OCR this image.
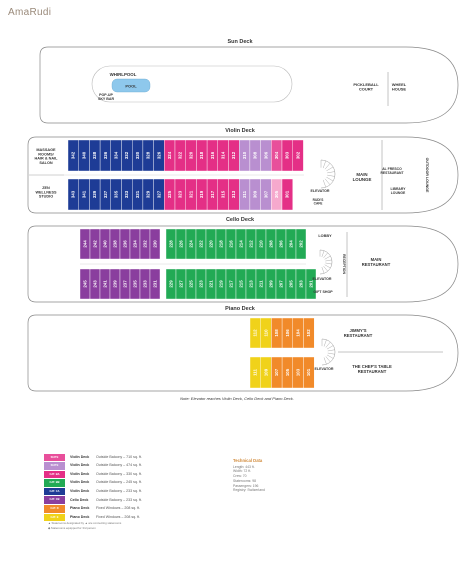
AmaRudi
Sun Deck
POOL
WHIRLPOOL
POP-UP
SKY BAR
PICKLEBALL
COURT
WHEEL
HOUSE
Violin Deck
MASSAGE
ROOMS/
HAIR & NAIL
SALON
ZEN
WELLNESS
STUDIO
342 340 338 336 334 332 330 328 326 324 322 320 318 316 314 312 310 308 306 304 303 302
343 341 339 337 335 333 331 329 327 325 323 321 319 317 315 313 311 309 307 305 301	ELEVATOR
RUDI'S
CAFE
MAIN
LOUNGE
AL FRESCO
RESTAURANT
LIBRARY
LOUNGE
OUTDOOR LOUNGE
Cello Deck
244 242 240 238 236 234 232 230	228 226 224 222 220 218 216 214 212 210 208 206 204 202
245 243 241 239 237 235 233 231	229 227 225 223 221 219 217 215 213 211 209 207 205 203 201
LOBBY
ELEVATOR
GIFT SHOP
RECEPTION	MAIN
RESTAURANT
Piano Deck
112 110 108 106 104 102
111 109 107 105 103 101 ELEVATOR
JIMMY'S
RESTAURANT
THE CHEF'S TABLE
RESTAURANT
Note: Elevator reaches Violin Deck, Cello Deck and Piano Deck.
SUITE	Violin Deck Outside Balcony – 710 sq. ft.
SUITE	Violin Deck Outside Balcony – 474 sq. ft.
CAT. BA	Violin Deck Outside Balcony – 330 sq. ft.
CAT. BB	Violin Deck Outside Balcony – 245 sq. ft.
CAT. CA	Violin Deck Outside Balcony – 233 sq. ft.
CAT. CB	Cello Deck Outside Balcony – 233 sq. ft.
CAT. D	Piano Deck Fixed Windows – 208 sq. ft.
CAT. E	Piano Deck Fixed Windows – 208 sq. ft.
▲ Staterooms designated by ▲ are connecting staterooms
◆ Staterooms equipped for 3rd person
Technical Data
Length: 443 ft.
Width: 72 ft.
Crew: 70
Staterooms: 98
Passengers: 196
Registry: Switzerland
